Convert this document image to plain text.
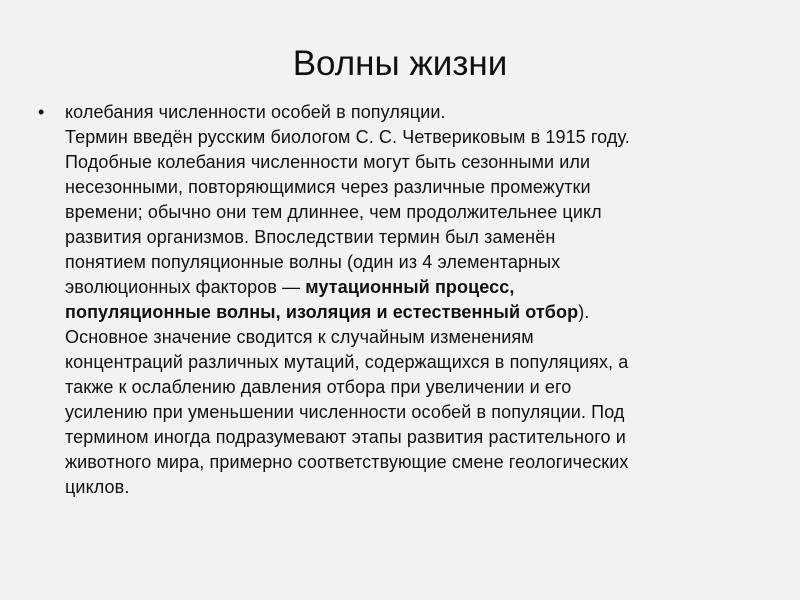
Волны жизни
• колебания численности особей в популяции.
Термин введён русским биологом С. С. Четвериковым в 1915 году.
Подобные колебания численности могут быть сезонными или
несезонными, повторяющимися через различные промежутки
времени; обычно они тем длиннее, чем продолжительнее цикл
развития организмов. Впоследствии термин был заменён
понятием популяционные волны (один из 4 элементарных
эволюционных факторов — мутационный процесс,
популяционные волны, изоляция и естественный отбор).
Основное значение сводится к случайным изменениям
концентраций различных мутаций, содержащихся в популяциях, а
также к ослаблению давления отбора при увеличении и его
усилению при уменьшении численности особей в популяции. Под
термином иногда подразумевают этапы развития растительного и
животного мира, примерно соответствующие смене геологических
циклов.
